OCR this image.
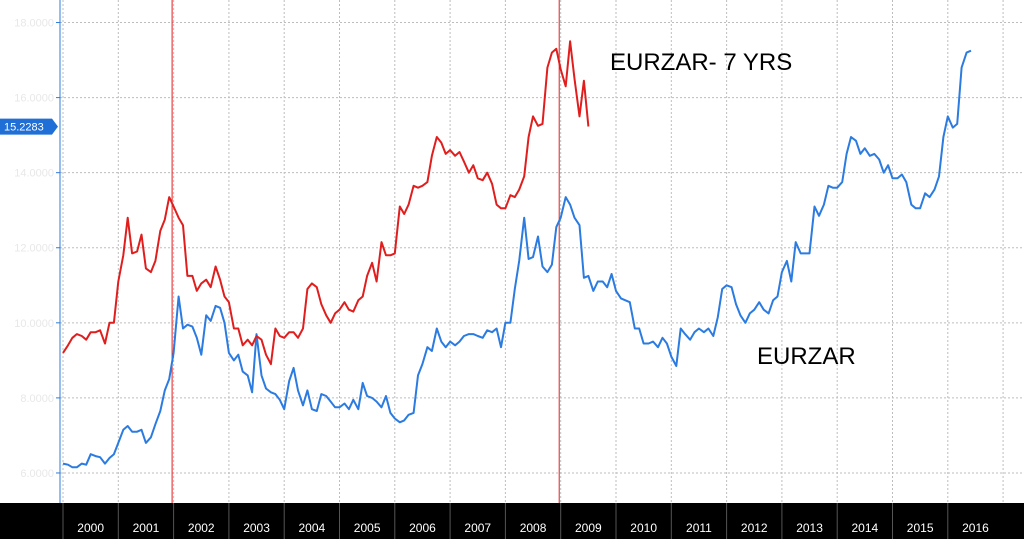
18.0000
16.0000
14.0000
12.0000
10.0000
8.0000
6.0000
2000 2001 2002 2003 2004 2005 2006 2007 2008 2009 2010 2011 2012 2013 2014 2015 2016
15.2283
EURZAR- 7 YRS
EURZAR
